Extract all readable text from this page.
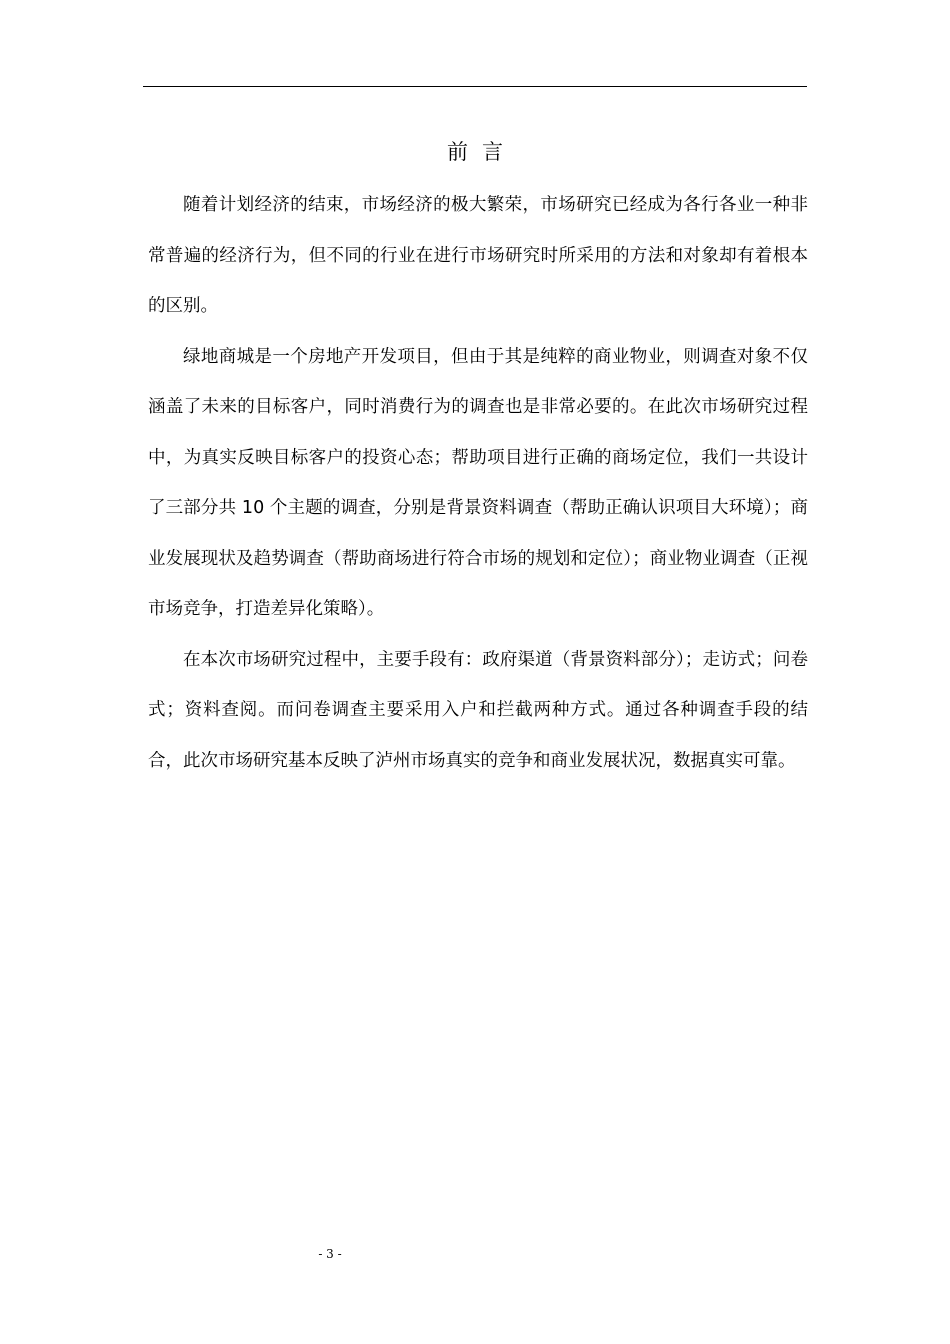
前言

随着计划经济的结束，市场经济的极大繁荣，市场研究已经成为各行各业一种非常普遍的经济行为，但不同的行业在进行市场研究时所采用的方法和对象却有着根本的区别。

绿地商城是一个房地产开发项目，但由于其是纯粹的商业物业，则调查对象不仅涵盖了未来的目标客户，同时消费行为的调查也是非常必要的。在此次市场研究过程中，为真实反映目标客户的投资心态；帮助项目进行正确的商场定位，我们一共设计了三部分共 10 个主题的调查，分别是背景资料调查（帮助正确认识项目大环境）；商业发展现状及趋势调查（帮助商场进行符合市场的规划和定位）；商业物业调查（正视市场竞争，打造差异化策略）。

在本次市场研究过程中，主要手段有：政府渠道（背景资料部分）；走访式；问卷式；资料查阅。而问卷调查主要采用入户和拦截两种方式。通过各种调查手段的结合，此次市场研究基本反映了泸州市场真实的竞争和商业发展状况，数据真实可靠。

- 3 -
